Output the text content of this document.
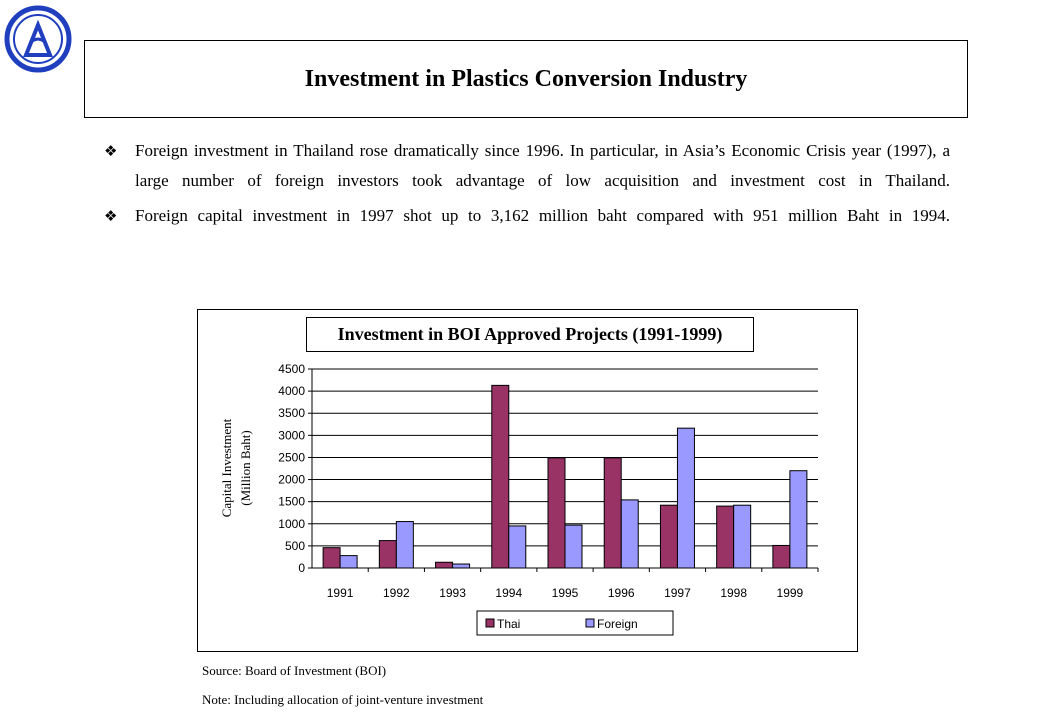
Investment in Plastics Conversion Industry
❖ Foreign investment in Thailand rose dramatically since 1996. In particular, in Asia’s Economic Crisis year (1997), a large number of foreign investors took advantage of low acquisition and investment cost in Thailand.
❖ Foreign capital investment in 1997 shot up to 3,162 million baht compared with 951 million Baht in 1994.
0
500
1000
1500
2000
2500
3000
3500
4000
4500
1991 1992 1993 1994 1995 1996 1997 1998 1999
Capital Investment (Million Baht)
Thai	Foreign
Investment in BOI Approved Projects (1991-1999)
Source: Board of Investment (BOI)
Note: Including allocation of joint-venture investment
